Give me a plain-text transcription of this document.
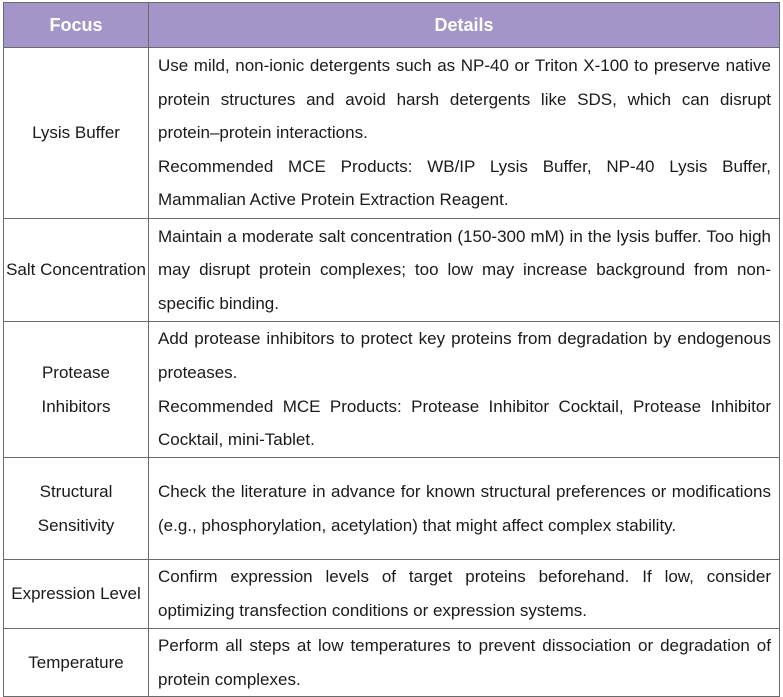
Focus	Details
Lysis Buffer	Use mild, non-ionic detergents such as NP-40 or Triton X-100 to preserve native protein structures and avoid harsh detergents like SDS, which can disrupt protein–protein interactions.
Recommended MCE Products: WB/IP Lysis Buffer, NP-40 Lysis Buffer, Mammalian Active Protein Extraction Reagent.

Salt Concentration	Maintain a moderate salt concentration (150-300 mM) in the lysis buffer. Too high may disrupt protein complexes; too low may increase background from non-specific binding.

Protease Inhibitors	Add protease inhibitors to protect key proteins from degradation by endogenous proteases.
Recommended MCE Products: Protease Inhibitor Cocktail, Protease Inhibitor Cocktail, mini-Tablet.

Structural Sensitivity	Check the literature in advance for known structural preferences or modifications (e.g., phosphorylation, acetylation) that might affect complex stability.

Expression Level	Confirm expression levels of target proteins beforehand. If low, consider optimizing transfection conditions or expression systems.

Temperature	Perform all steps at low temperatures to prevent dissociation or degradation of protein complexes.
